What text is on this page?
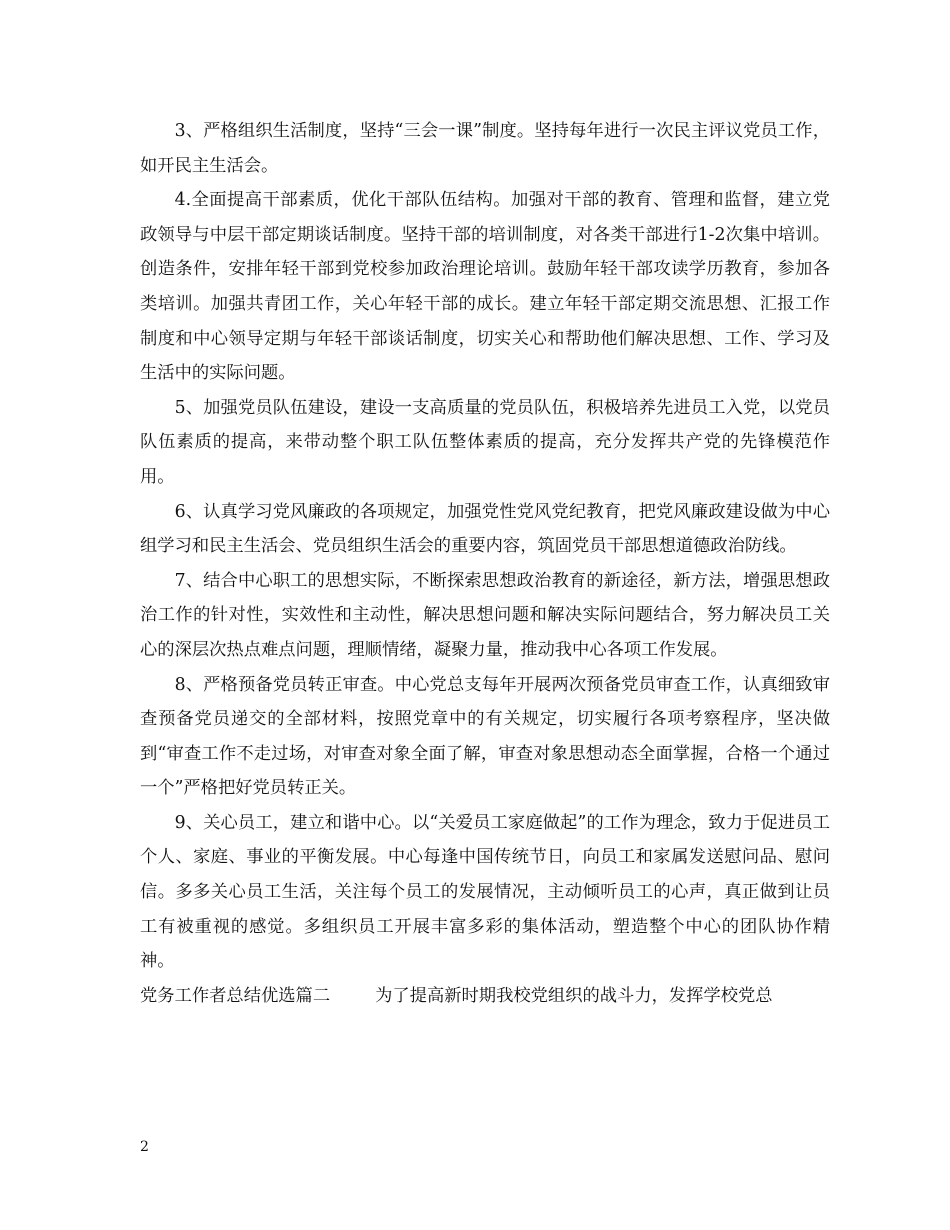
3、严格组织生活制度，坚持“三会一课”制度。坚持每年进行一次民主评议党员工作，如开民主生活会。

4.全面提高干部素质，优化干部队伍结构。加强对干部的教育、管理和监督，建立党政领导与中层干部定期谈话制度。坚持干部的培训制度，对各类干部进行1-2次集中培训。创造条件，安排年轻干部到党校参加政治理论培训。鼓励年轻干部攻读学历教育，参加各类培训。加强共青团工作，关心年轻干部的成长。建立年轻干部定期交流思想、汇报工作制度和中心领导定期与年轻干部谈话制度，切实关心和帮助他们解决思想、工作、学习及生活中的实际问题。

5、加强党员队伍建设，建设一支高质量的党员队伍，积极培养先进员工入党，以党员队伍素质的提高，来带动整个职工队伍整体素质的提高，充分发挥共产党的先锋模范作用。

6、认真学习党风廉政的各项规定，加强党性党风党纪教育，把党风廉政建设做为中心组学习和民主生活会、党员组织生活会的重要内容，筑固党员干部思想道德政治防线。

7、结合中心职工的思想实际，不断探索思想政治教育的新途径，新方法，增强思想政治工作的针对性，实效性和主动性，解决思想问题和解决实际问题结合，努力解决员工关心的深层次热点难点问题，理顺情绪，凝聚力量，推动我中心各项工作发展。

8、严格预备党员转正审查。中心党总支每年开展两次预备党员审查工作，认真细致审查预备党员递交的全部材料，按照党章中的有关规定，切实履行各项考察程序，坚决做到“审查工作不走过场，对审查对象全面了解，审查对象思想动态全面掌握，合格一个通过一个”严格把好党员转正关。

9、关心员工，建立和谐中心。以“关爱员工家庭做起”的工作为理念，致力于促进员工个人、家庭、事业的平衡发展。中心每逢中国传统节日，向员工和家属发送慰问品、慰问信。多多关心员工生活，关注每个员工的发展情况，主动倾听员工的心声，真正做到让员工有被重视的感觉。多组织员工开展丰富多彩的集体活动，塑造整个中心的团队协作精神。

党务工作者总结优选篇二	为了提高新时期我校党组织的战斗力，发挥学校党总

2
